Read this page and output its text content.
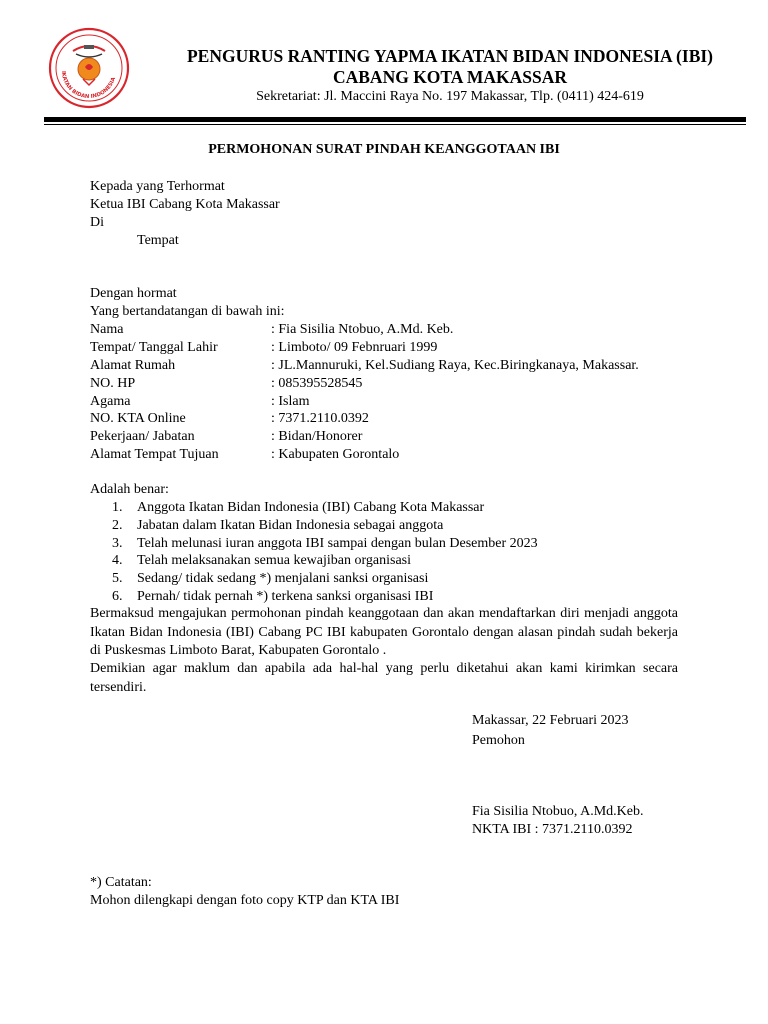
IKATAN BIDAN INDONESIA
PENGURUS RANTING YAPMA IKATAN BIDAN INDONESIA (IBI)
CABANG KOTA MAKASSAR
Sekretariat: Jl. Maccini Raya No. 197 Makassar, Tlp. (0411) 424-619
PERMOHONAN SURAT PINDAH KEANGGOTAAN IBI
Kepada yang Terhormat
Ketua IBI Cabang Kota Makassar
Di
Tempat
Dengan hormat
Yang bertandatangan di bawah ini:
Nama	: Fia Sisilia Ntobuo, A.Md. Keb.
Tempat/ Tanggal Lahir	: Limboto/ 09 Febnruari 1999
Alamat Rumah	: JL.Mannuruki, Kel.Sudiang Raya, Kec.Biringkanaya, Makassar.
NO. HP	: 085395528545
Agama	: Islam
NO. KTA Online	: 7371.2110.0392
Pekerjaan/ Jabatan	: Bidan/Honorer
Alamat Tempat Tujuan	: Kabupaten Gorontalo
Adalah benar:
1. Anggota Ikatan Bidan Indonesia (IBI) Cabang Kota Makassar
2. Jabatan dalam Ikatan Bidan Indonesia sebagai anggota
3. Telah melunasi iuran anggota IBI sampai dengan bulan Desember 2023
4. Telah melaksanakan semua kewajiban organisasi
5. Sedang/ tidak sedang *) menjalani sanksi organisasi
6. Pernah/ tidak pernah *) terkena sanksi organisasi IBI
Bermaksud mengajukan permohonan pindah keanggotaan dan akan mendaftarkan diri menjadi anggota Ikatan Bidan Indonesia (IBI) Cabang PC IBI kabupaten Gorontalo dengan alasan pindah sudah bekerja di Puskesmas Limboto Barat, Kabupaten Gorontalo .
Demikian agar maklum dan apabila ada hal-hal yang perlu diketahui akan kami kirimkan secara tersendiri.
Makassar, 22 Februari 2023
Pemohon
Fia Sisilia Ntobuo, A.Md.Keb.
NKTA IBI : 7371.2110.0392
*) Catatan:
Mohon dilengkapi dengan foto copy KTP dan KTA IBI
